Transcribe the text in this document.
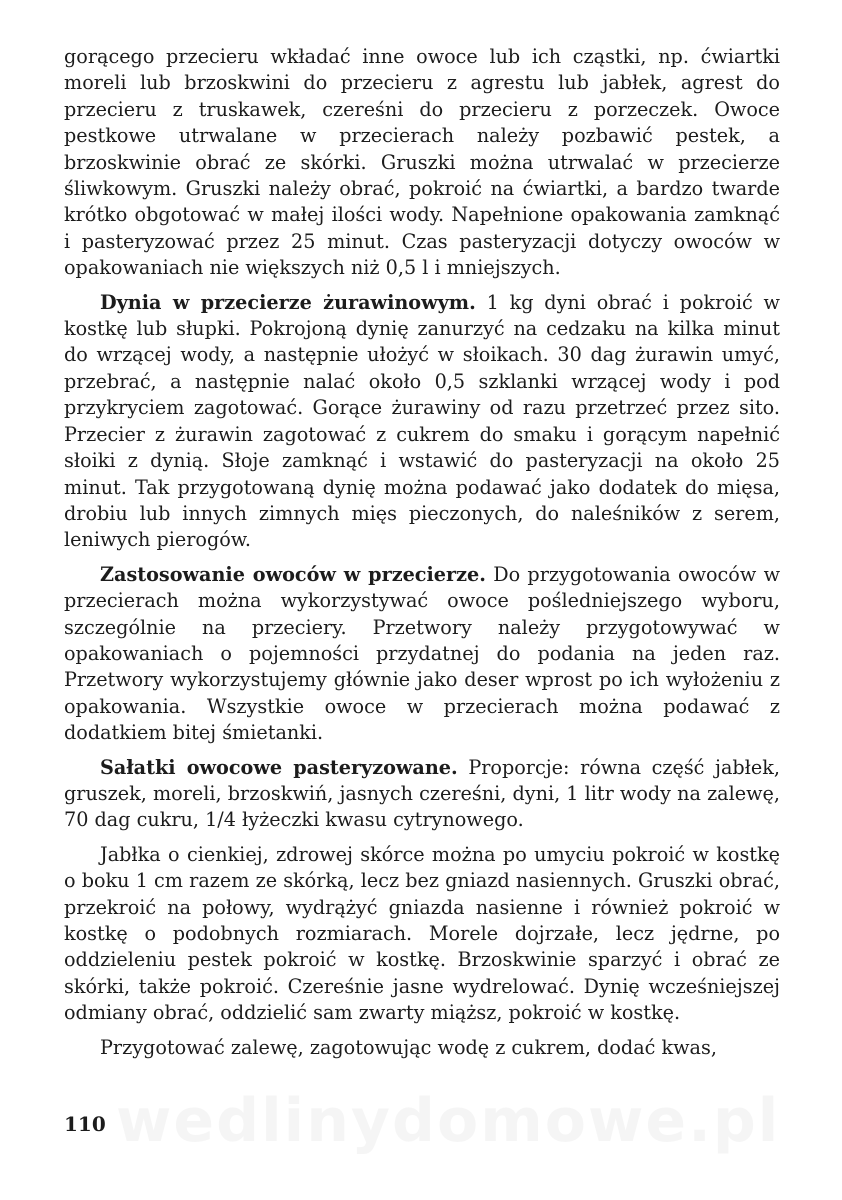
gorącego przecieru wkładać inne owoce lub ich cząstki, np. ćwiartki moreli lub brzoskwini do przecieru z agrestu lub jabłek, agrest do przecieru z truskawek, czereśni do przecieru z porzeczek. Owoce pestkowe utrwalane w przecierach należy pozbawić pestek, a brzoskwinie obrać ze skórki. Gruszki można utrwalać w przecierze śliwkowym. Gruszki należy obrać, pokroić na ćwiartki, a bardzo twarde krótko obgotować w małej ilości wody. Napełnione opakowania zamknąć i pasteryzować przez 25 minut. Czas pasteryzacji dotyczy owoców w opakowaniach nie większych niż 0,5 l i mniejszych.

Dynia w przecierze żurawinowym. 1 kg dyni obrać i pokroić w kostkę lub słupki. Pokrojoną dynię zanurzyć na cedzaku na kilka minut do wrzącej wody, a następnie ułożyć w słoikach. 30 dag żurawin umyć, przebrać, a następnie nalać około 0,5 szklanki wrzącej wody i pod przykryciem zagotować. Gorące żurawiny od razu przetrzeć przez sito. Przecier z żurawin zagotować z cukrem do smaku i gorącym napełnić słoiki z dynią. Słoje zamknąć i wstawić do pasteryzacji na około 25 minut. Tak przygotowaną dynię można podawać jako dodatek do mięsa, drobiu lub innych zimnych mięs pieczonych, do naleśników z serem, leniwych pierogów.

Zastosowanie owoców w przecierze. Do przygotowania owoców w przecierach można wykorzystywać owoce pośledniejszego wyboru, szczególnie na przeciery. Przetwory należy przygotowywać w opakowaniach o pojemności przydatnej do podania na jeden raz. Przetwory wykorzystujemy głównie jako deser wprost po ich wyłożeniu z opakowania. Wszystkie owoce w przecierach można podawać z dodatkiem bitej śmietanki.

Sałatki owocowe pasteryzowane. Proporcje: równa część jabłek, gruszek, moreli, brzoskwiń, jasnych czereśni, dyni, 1 litr wody na zalewę, 70 dag cukru, 1/4 łyżeczki kwasu cytrynowego.

Jabłka o cienkiej, zdrowej skórce można po umyciu pokroić w kostkę o boku 1 cm razem ze skórką, lecz bez gniazd nasiennych. Gruszki obrać, przekroić na połowy, wydrążyć gniazda nasienne i również pokroić w kostkę o podobnych rozmiarach. Morele dojrzałe, lecz jędrne, po oddzieleniu pestek pokroić w kostkę. Brzoskwinie sparzyć i obrać ze skórki, także pokroić. Czereśnie jasne wydrelować. Dynię wcześniejszej odmiany obrać, oddzielić sam zwarty miąższ, pokroić w kostkę.

Przygotować zalewę, zagotowując wodę z cukrem, dodać kwas,

110 wedlinydomowe.pl
